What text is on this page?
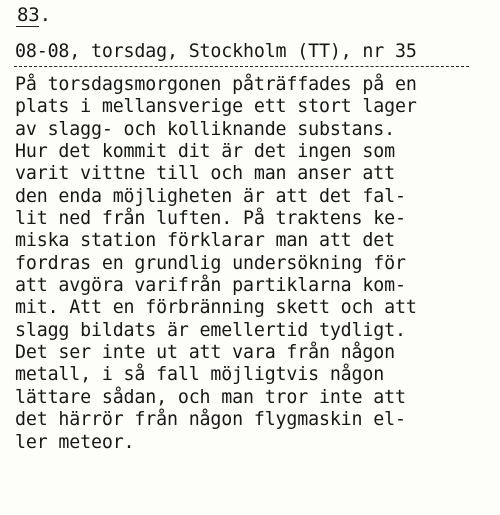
83.
08-08, torsdag, Stockholm (TT), nr 35
På torsdagsmorgonen påträffades på en
plats i mellansverige ett stort lager
av slagg- och kolliknande substans.
Hur det kommit dit är det ingen som
varit vittne till och man anser att
den enda möjligheten är att det fal-
lit ned från luften. På traktens ke-
miska station förklarar man att det
fordras en grundlig undersökning för
att avgöra varifrån partiklarna kom-
mit. Att en förbränning skett och att
slagg bildats är emellertid tydligt.
Det ser inte ut att vara från någon
metall, i så fall möjligtvis någon
lättare sådan, och man tror inte att
det härrör från någon flygmaskin el-
ler meteor.
